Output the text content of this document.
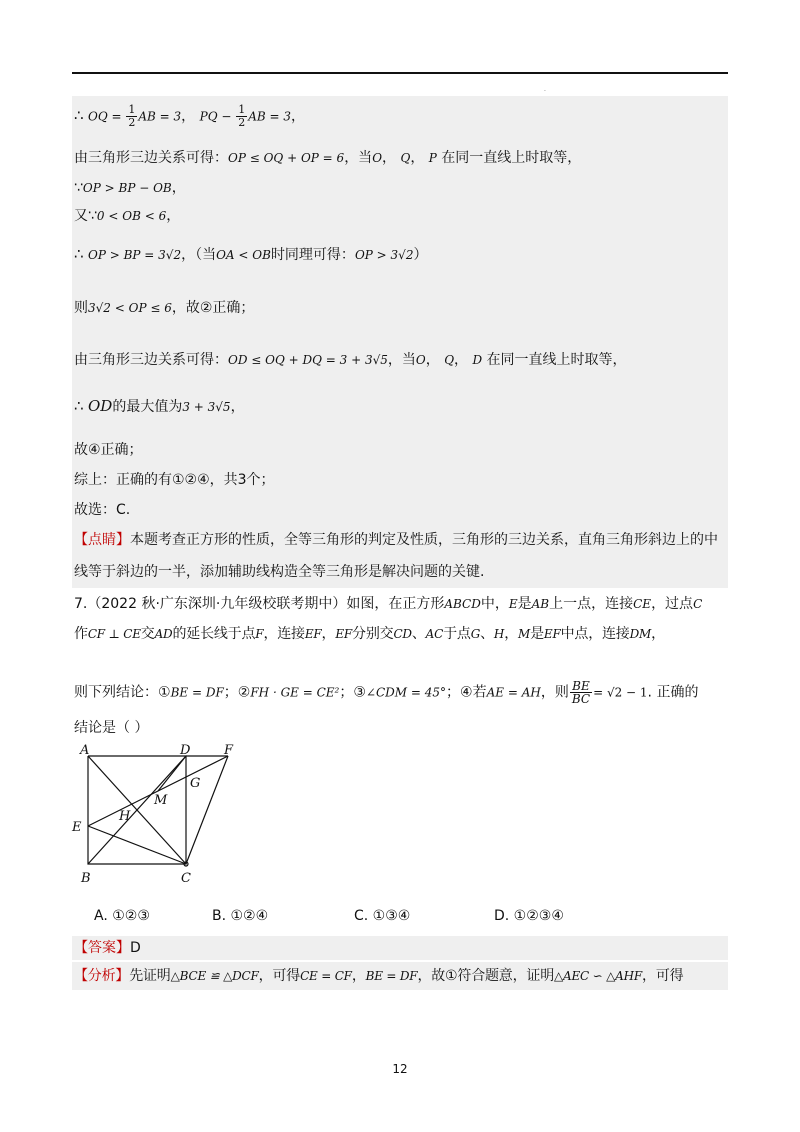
.
∴ OQ = $\frac{1}{2}$ AB = 3， PQ − $\frac{1}{2}$ AB = 3，
由三角形三边关系可得：OP ≤ OQ + OP = 6，当O， Q， P 在同一直线上时取等，
∵OP > BP − OB，
又∵0 < OB < 6，
∴ OP > BP = 3√2，（当OA < OB时同理可得：OP > 3√2）
则3√2 < OP ≤ 6，故②正确；
由三角形三边关系可得：OD ≤ OQ + DQ = 3 + 3√5，当O， Q， D 在同一直线上时取等，
∴ OD的最大值为3 + 3√5，
故④正确；
综上：正确的有①②④，共3个；
故选：C.
【点睛】本题考查正方形的性质，全等三角形的判定及性质，三角形的三边关系，直角三角形斜边上的中
线等于斜边的一半，添加辅助线构造全等三角形是解决问题的关键.
7.（2022 秋·广东深圳·九年级校联考期中）如图，在正方形ABCD中，E是AB上一点，连接CE，过点C
作CF ⊥ CE交AD的延长线于点F，连接EF，EF分别交CD、AC于点G、H，M是EF中点，连接DM，
则下列结论：①BE = DF；②FH · GE = CE²；③∠CDM = 45°；④若AE = AH，则 $\frac{BE}{BC} = √2 - 1$. 正确的
结论是（ ）
A	D	F
G
M
H
E
B	C
A. ①②③	B. ①②④	C. ①③④	D. ①②③④
【答案】D
【分析】先证明△BCE ≌ △DCF，可得CE = CF，BE = DF，故①符合题意，证明△AEC ∽ △AHF，可得
12
